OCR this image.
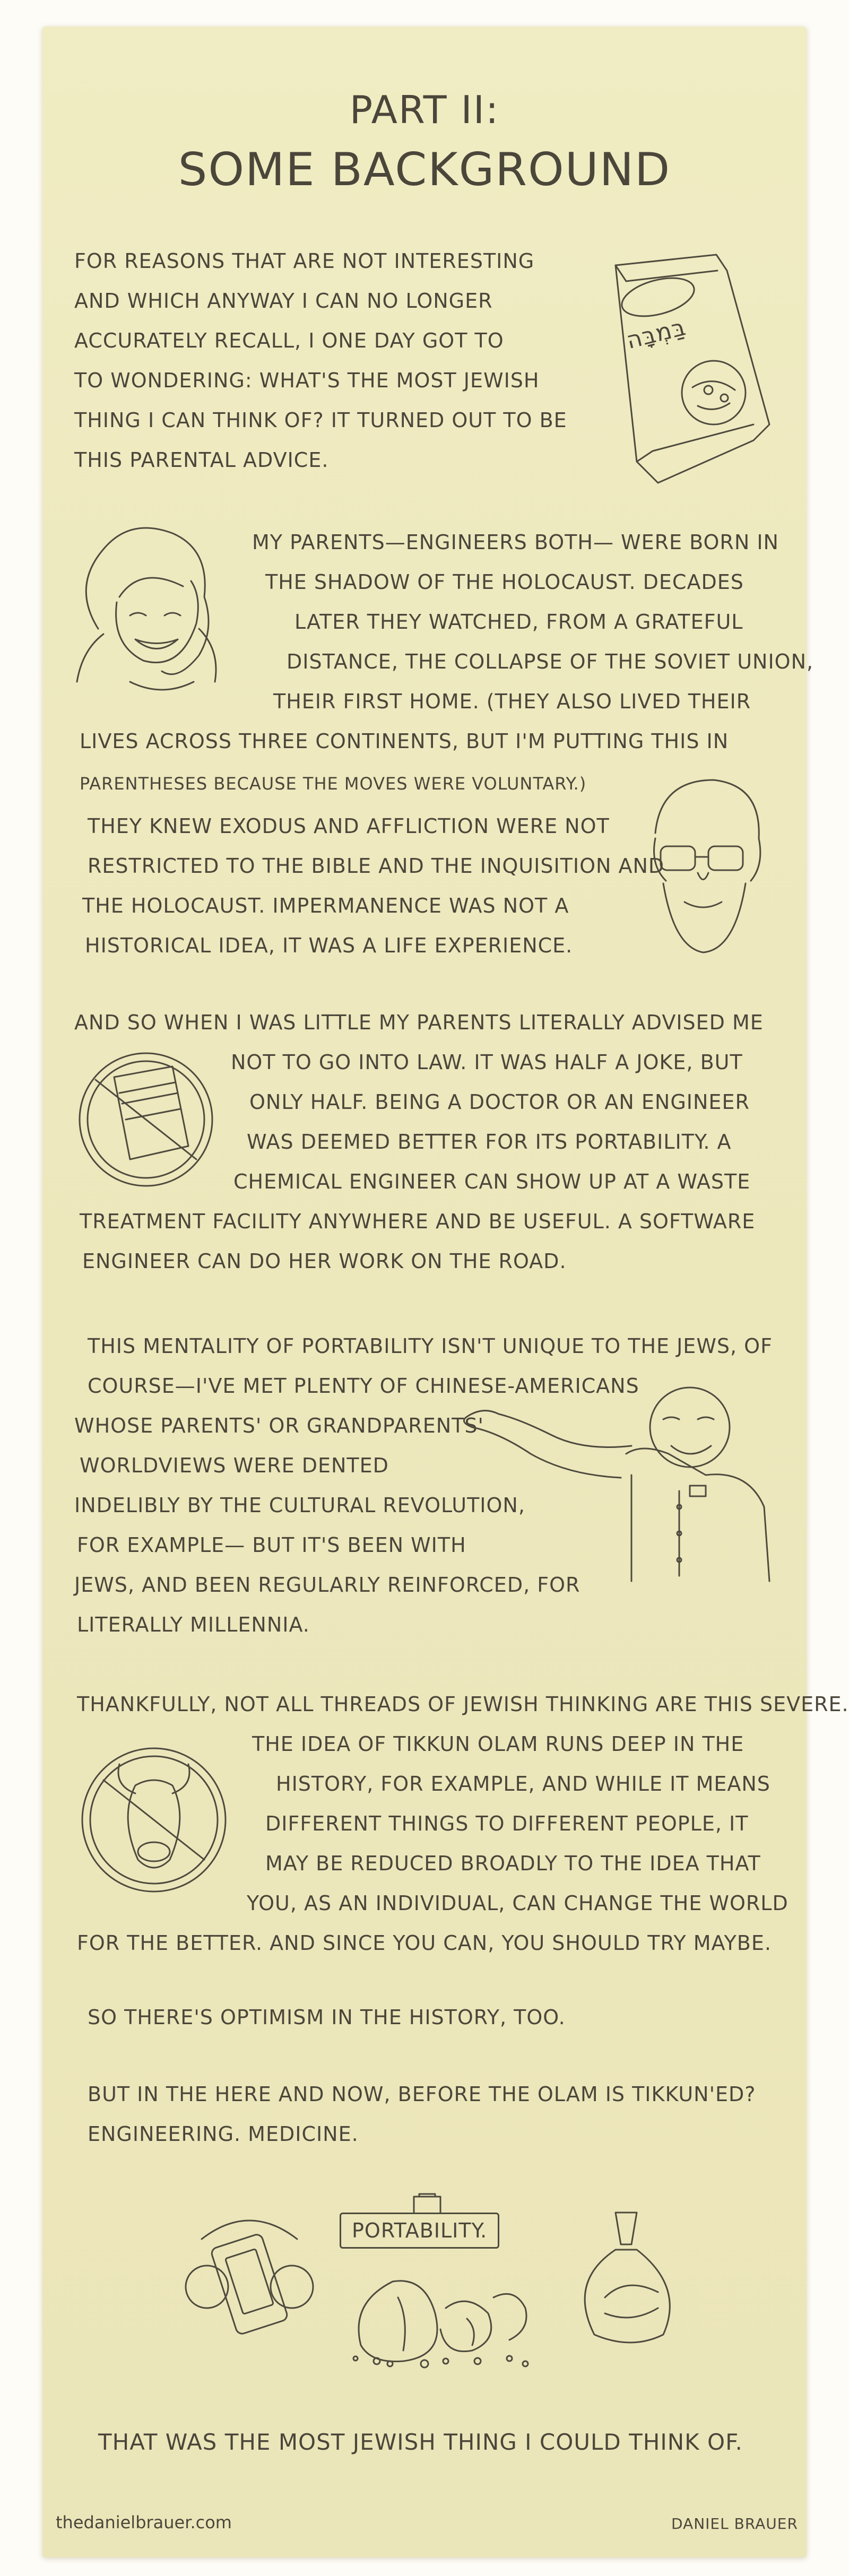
PART II:
SOME BACKGROUND
FOR REASONS THAT ARE NOT INTERESTING
AND WHICH ANYWAY I CAN NO LONGER
ACCURATELY RECALL, I ONE DAY GOT TO
TO WONDERING: WHAT'S THE MOST JEWISH
THING I CAN THINK OF? IT TURNED OUT TO BE
THIS PARENTAL ADVICE.
בַּמְבָּה
MY PARENTS—ENGINEERS BOTH— WERE BORN IN
THE SHADOW OF THE HOLOCAUST. DECADES
LATER THEY WATCHED, FROM A GRATEFUL
DISTANCE, THE COLLAPSE OF THE SOVIET UNION,
THEIR FIRST HOME. (THEY ALSO LIVED THEIR
LIVES ACROSS THREE CONTINENTS, BUT I'M PUTTING THIS IN
PARENTHESES BECAUSE THE MOVES WERE VOLUNTARY.)
THEY KNEW EXODUS AND AFFLICTION WERE NOT
RESTRICTED TO THE BIBLE AND THE INQUISITION AND
THE HOLOCAUST. IMPERMANENCE WAS NOT A
HISTORICAL IDEA, IT WAS A LIFE EXPERIENCE.
AND SO WHEN I WAS LITTLE MY PARENTS LITERALLY ADVISED ME
NOT TO GO INTO LAW. IT WAS HALF A JOKE, BUT
ONLY HALF. BEING A DOCTOR OR AN ENGINEER
WAS DEEMED BETTER FOR ITS PORTABILITY. A
CHEMICAL ENGINEER CAN SHOW UP AT A WASTE
TREATMENT FACILITY ANYWHERE AND BE USEFUL. A SOFTWARE
ENGINEER CAN DO HER WORK ON THE ROAD.
THIS MENTALITY OF PORTABILITY ISN'T UNIQUE TO THE JEWS, OF
COURSE—I'VE MET PLENTY OF CHINESE-AMERICANS
WHOSE PARENTS' OR GRANDPARENTS'
WORLDVIEWS WERE DENTED
INDELIBLY BY THE CULTURAL REVOLUTION,
FOR EXAMPLE— BUT IT'S BEEN WITH
JEWS, AND BEEN REGULARLY REINFORCED, FOR
LITERALLY MILLENNIA.
THANKFULLY, NOT ALL THREADS OF JEWISH THINKING ARE THIS SEVERE.
THE IDEA OF TIKKUN OLAM RUNS DEEP IN THE
HISTORY, FOR EXAMPLE, AND WHILE IT MEANS
DIFFERENT THINGS TO DIFFERENT PEOPLE, IT
MAY BE REDUCED BROADLY TO THE IDEA THAT
YOU, AS AN INDIVIDUAL, CAN CHANGE THE WORLD
FOR THE BETTER. AND SINCE YOU CAN, YOU SHOULD TRY MAYBE.
SO THERE'S OPTIMISM IN THE HISTORY, TOO.
BUT IN THE HERE AND NOW, BEFORE THE OLAM IS TIKKUN'ED?
ENGINEERING. MEDICINE.
PORTABILITY.
THAT WAS THE MOST JEWISH THING I COULD THINK OF.
thedanielbrauer.com	DANIEL BRAUER
